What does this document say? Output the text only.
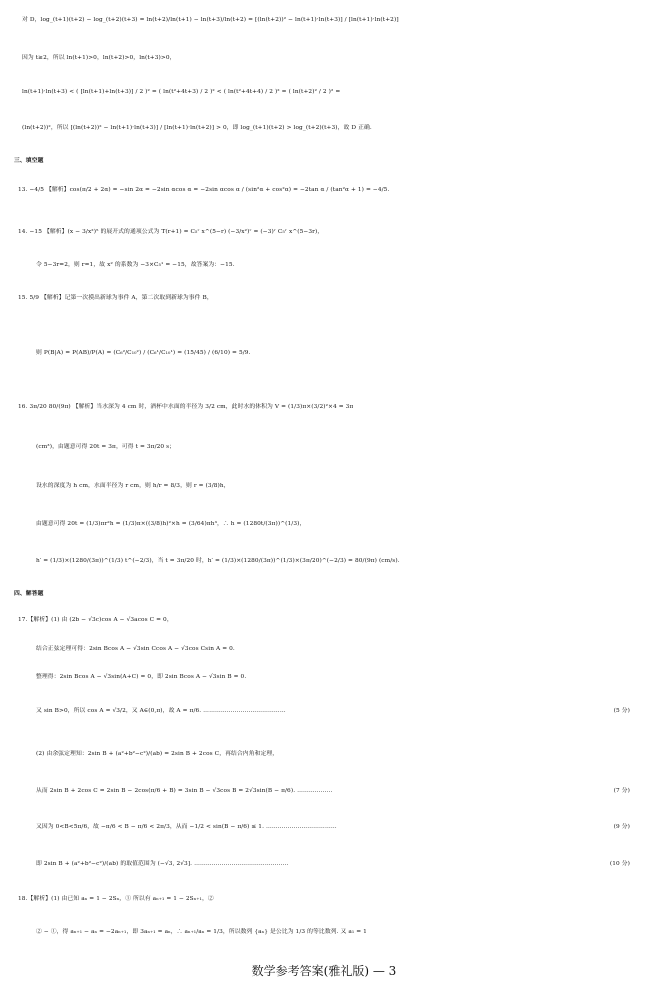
对 D，log_(t+1)(t+2) − log_(t+2)(t+3) = ln(t+2)/ln(t+1) − ln(t+3)/ln(t+2) = [(ln(t+2))² − ln(t+1)·ln(t+3)] / [ln(t+1)·ln(t+2)]
因为 t≥2，所以 ln(t+1)>0，ln(t+2)>0，ln(t+3)>0，
ln(t+1)·ln(t+3) < ( [ln(t+1)+ln(t+3)] / 2 )² = ( ln(t²+4t+3) / 2 )² < ( ln(t²+4t+4) / 2 )² = ( ln(t+2)² / 2 )² =
(ln(t+2))²，所以 [(ln(t+2))² − ln(t+1)·ln(t+3)] / [ln(t+1)·ln(t+2)] > 0，即 log_(t+1)(t+2) > log_(t+2)(t+3)，故 D 正确.
三、填空题
13. −4/5 【解析】cos(π/2 + 2α) = −sin 2α = −2sin αcos α = −2sin αcos α / (sin²α + cos²α) = −2tan α / (tan²α + 1) = −4/5.
14. −15 【解析】(x − 3/x²)⁵ 的展开式的通项公式为 T(r+1) = C₅ʳ x^(5−r) (−3/x²)ʳ = (−3)ʳ C₅ʳ x^(5−3r)，
令 5−3r=2，则 r=1，故 x² 的系数为 −3×C₅¹ = −15，故答案为：−15.
15. 5/9 【解析】记第一次摸出新球为事件 A，第二次取到新球为事件 B，
则 P(B|A) = P(AB)/P(A) = (C₆²/C₁₀²) / (C₆¹/C₁₀¹) = (15/45) / (6/10) = 5/9.
16. 3π/20 80/(9π) 【解析】当水深为 4 cm 时，酒杯中水面的半径为 3/2 cm，此时水的体积为 V = (1/3)π×(3/2)²×4 = 3π
(cm³)，由题意可得 20t = 3π，可得 t = 3π/20 s；
设水的深度为 h cm，水面半径为 r cm，则 h/r = 8/3，则 r = (3/8)h，
由题意可得 20t = (1/3)πr²h = (1/3)π×((3/8)h)²×h = (3/64)πh³，∴ h = (1280t/(3π))^(1/3)，
h′ = (1/3)×(1280/(3π))^(1/3) t^(−2/3)，当 t = 3π/20 时，h′ = (1/3)×(1280/(3π))^(1/3)×(3π/20)^(−2/3) = 80/(9π) (cm/s).
四、解答题
17.【解析】(1) 由 (2b − √3c)cos A − √3acos C = 0，
结合正弦定理可得：2sin Bcos A − √3sin Ccos A − √3cos Csin A = 0.
整理得：2sin Bcos A − √3sin(A+C) = 0，即 2sin Bcos A − √3sin B = 0.
又 sin B>0，所以 cos A = √3/2，又 A∈(0,π)，故 A = π/6. ……………………………………	(5 分)
(2) 由余弦定理知：2sin B + (a²+b²−c²)/(ab) = 2sin B + 2cos C，再结合内角和定理，
从而 2sin B + 2cos C = 2sin B − 2cos(π/6 + B) = 3sin B − √3cos B = 2√3sin(B − π/6). ………………	(7 分)
又因为 0<B<5π/6，故 −π/6 < B − π/6 < 2π/3，从而 −1/2 < sin(B − π/6) ≤ 1. ………………………………	(9 分)
即 2sin B + (a²+b²−c²)/(ab) 的取值范围为 (−√3, 2√3]. …………………………………………	(10 分)
18.【解析】(1) 由已知 aₙ = 1 − 2Sₙ，① 所以有 aₙ₊₁ = 1 − 2Sₙ₊₁，②
② − ①，得 aₙ₊₁ − aₙ = −2aₙ₊₁，即 3aₙ₊₁ = aₙ，∴ aₙ₊₁/aₙ = 1/3，所以数列 {aₙ} 是公比为 1/3 的等比数列. 又 a₁ = 1
数学参考答案(雅礼版) — 3
